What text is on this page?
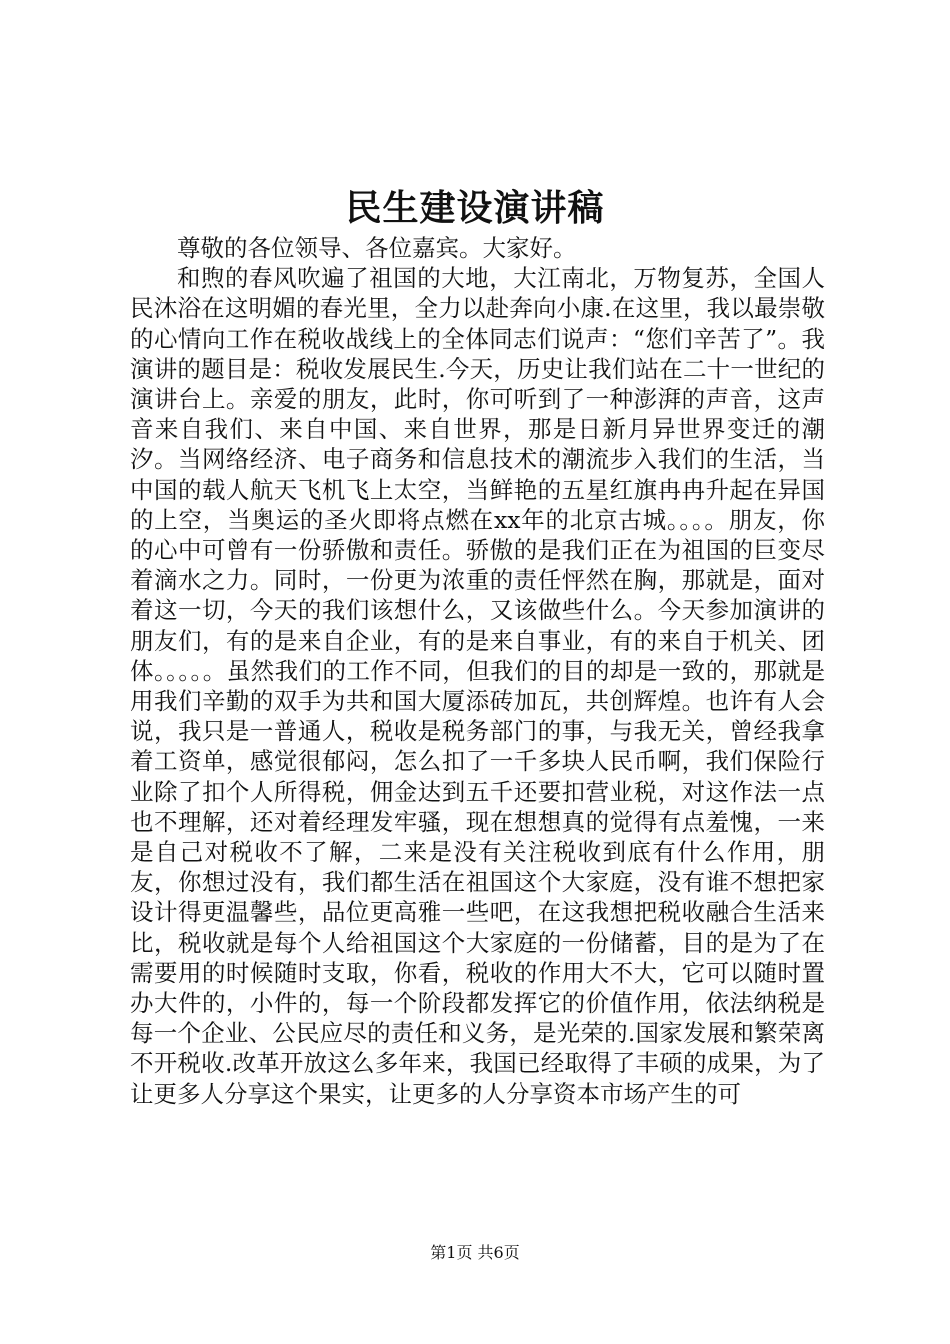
民生建设演讲稿

尊敬的各位领导、各位嘉宾。大家好。

和煦的春风吹遍了祖国的大地，大江南北，万物复苏，全国人民沐浴在这明媚的春光里，全力以赴奔向小康.在这里，我以最崇敬的心情向工作在税收战线上的全体同志们说声：“您们辛苦了”。我演讲的题目是：税收发展民生.今天，历史让我们站在二十一世纪的演讲台上。亲爱的朋友，此时，你可听到了一种澎湃的声音，这声音来自我们、来自中国、来自世界，那是日新月异世界变迁的潮汐。当网络经济、电子商务和信息技术的潮流步入我们的生活，当中国的载人航天飞机飞上太空，当鲜艳的五星红旗冉冉升起在异国的上空，当奥运的圣火即将点燃在xx年的北京古城。。。。朋友，你的心中可曾有一份骄傲和责任。骄傲的是我们正在为祖国的巨变尽着滴水之力。同时，一份更为浓重的责任怦然在胸，那就是，面对着这一切，今天的我们该想什么，又该做些什么。今天参加演讲的朋友们，有的是来自企业，有的是来自事业，有的来自于机关、团体。。。。。虽然我们的工作不同，但我们的目的却是一致的，那就是用我们辛勤的双手为共和国大厦添砖加瓦，共创辉煌。也许有人会说，我只是一普通人，税收是税务部门的事，与我无关，曾经我拿着工资单，感觉很郁闷，怎么扣了一千多块人民币啊，我们保险行业除了扣个人所得税，佣金达到五千还要扣营业税，对这作法一点也不理解，还对着经理发牢骚，现在想想真的觉得有点羞愧，一来是自己对税收不了解，二来是没有关注税收到底有什么作用，朋友，你想过没有，我们都生活在祖国这个大家庭，没有谁不想把家设计得更温馨些，品位更高雅一些吧，在这我想把税收融合生活来比，税收就是每个人给祖国这个大家庭的一份储蓄，目的是为了在需要用的时候随时支取，你看，税收的作用大不大，它可以随时置办大件的，小件的，每一个阶段都发挥它的价值作用，依法纳税是每一个企业、公民应尽的责任和义务，是光荣的.国家发展和繁荣离不开税收.改革开放这么多年来，我国已经取得了丰硕的成果，为了让更多人分享这个果实，让更多的人分享资本市场产生的可

第1页 共6页
